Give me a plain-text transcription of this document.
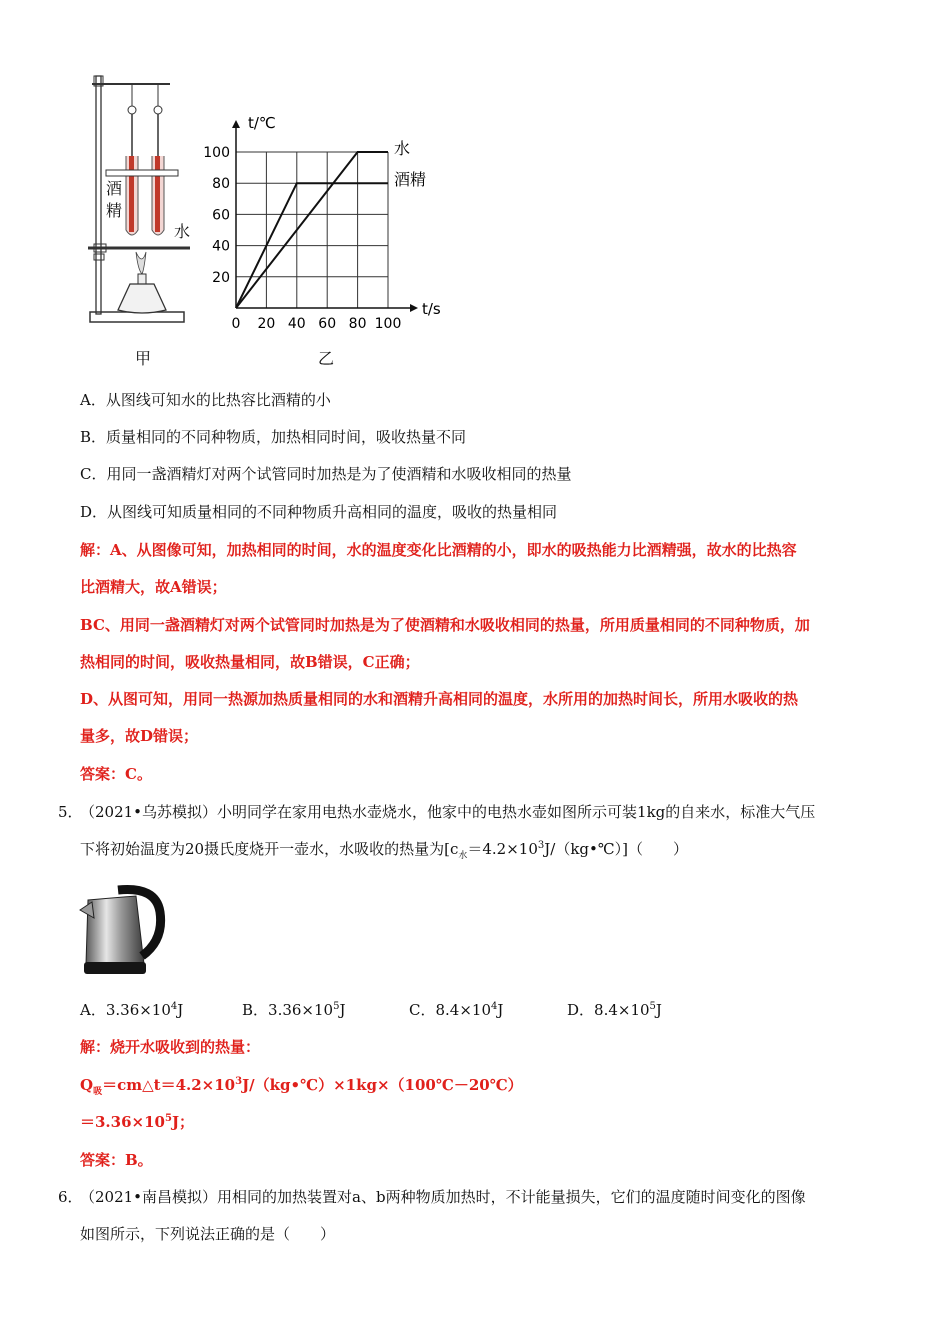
酒精
水
甲
0 20 40 60 80 100
20
40
60
80
100
t/℃
t/s
水
酒精
乙
A．从图线可知水的比热容比酒精的小
B．质量相同的不同种物质，加热相同时间，吸收热量不同
C．用同一盏酒精灯对两个试管同时加热是为了使酒精和水吸收相同的热量
D．从图线可知质量相同的不同种物质升高相同的温度，吸收的热量相同
解：A、从图像可知，加热相同的时间，水的温度变化比酒精的小，即水的吸热能力比酒精强，故水的比热容
比酒精大，故A错误；
BC、用同一盏酒精灯对两个试管同时加热是为了使酒精和水吸收相同的热量，所用质量相同的不同种物质，加
热相同的时间，吸收热量相同，故B错误，C正确；
D、从图可知，用同一热源加热质量相同的水和酒精升高相同的温度，水所用的加热时间长，所用水吸收的热
量多，故D错误；
答案：C。
5．
（2021•乌苏模拟）小明同学在家用电热水壶烧水，他家中的电热水壶如图所示可装1kg的自来水，标准大气压
下将初始温度为20摄氏度烧开一壶水，水吸收的热量为$[c_水=4.2\times 10^3J/(kg•℃)]$（　　）
A．$3.36\times 10^4J$	B．$3.36\times 10^5J$	C．$8.4\times 10^4J$	D．$8.4\times 10^5J$
解：烧开水吸收到的热量：
$Q_吸=cm\triangle t=4.2\times 10^3J/(kg•℃)\times 1kg\times(100℃-20℃)$
$=3.36\times 10^5J$；
答案：B。
6．
（2021•南昌模拟）用相同的加热装置对a、b两种物质加热时，不计能量损失，它们的温度随时间变化的图像
如图所示，下列说法正确的是（　　）
